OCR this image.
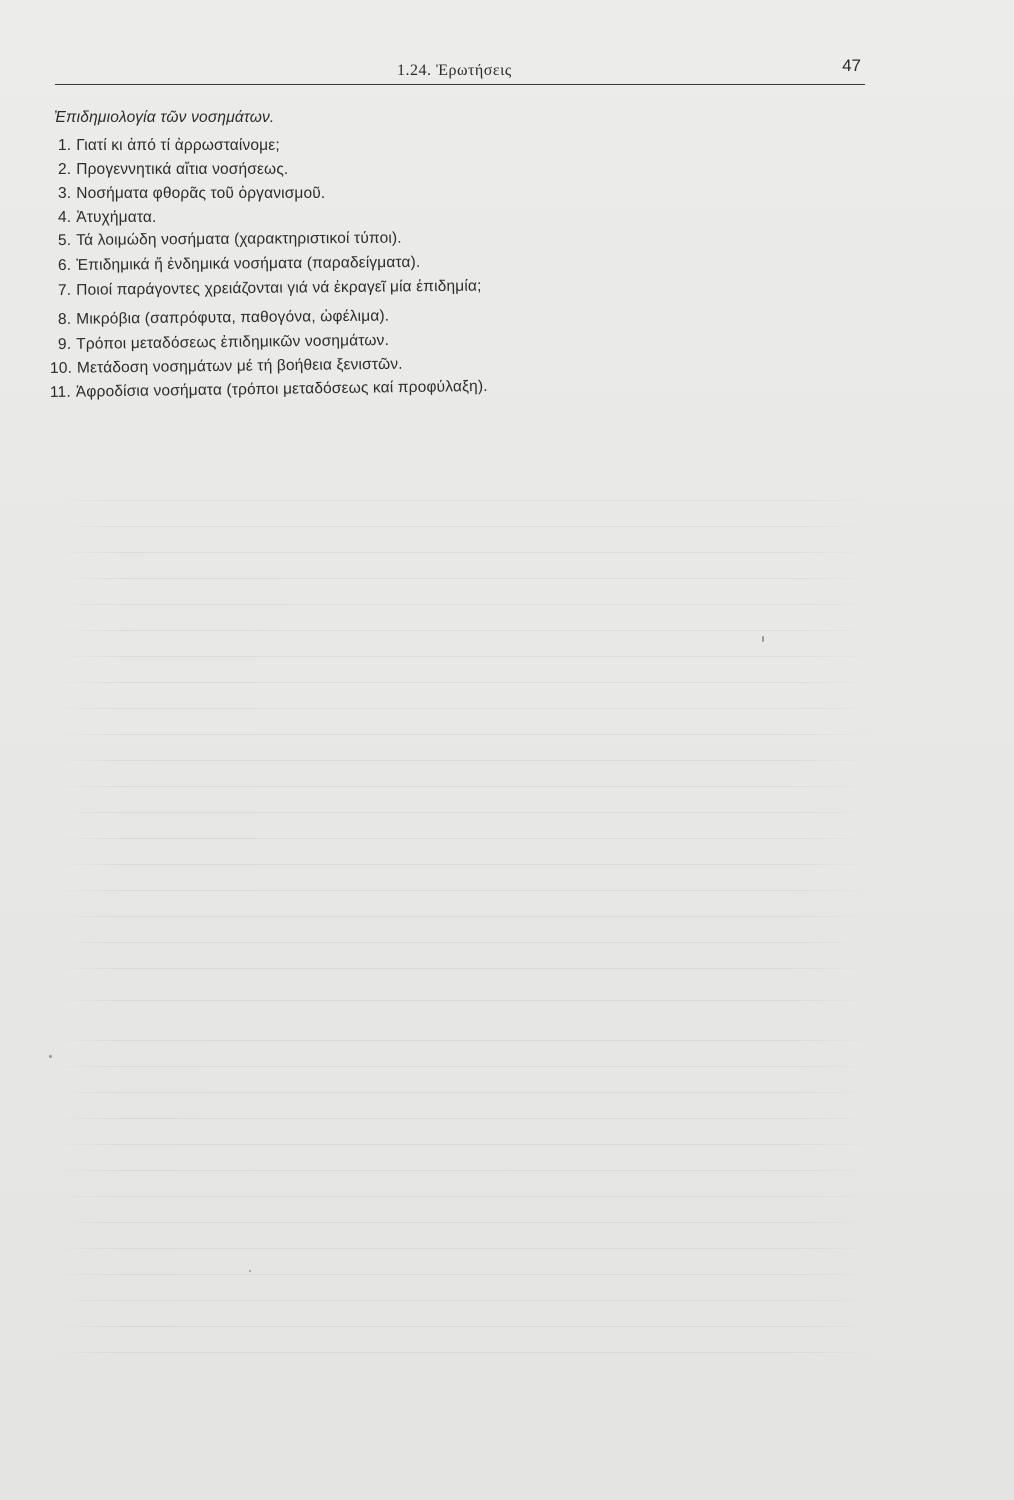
1.24. Ἐρωτήσεις	47
Ἐπιδημιολογία τῶν νοσημάτων.
1. Γιατί κι ἀπό τί ἀρρωσταίνομε;
2. Προγεννητικά αἴτια νοσήσεως.
3. Νοσήματα φθορᾶς τοῦ ὀργανισμοῦ.
4. Ἀτυχήματα.
5. Τά λοιμώδη νοσήματα (χαρακτηριστικοί τύποι).
6. Ἐπιδημικά ἤ ἐνδημικά νοσήματα (παραδείγματα).
7. Ποιοί παράγοντες χρειάζονται γιά νά ἐκραγεῖ μία ἐπιδημία;
8. Μικρόβια (σαπρόφυτα, παθογόνα, ὠφέλιμα).
9. Τρόποι μεταδόσεως ἐπιδημικῶν νοσημάτων.
10. Μετάδοση νοσημάτων μέ τή βοήθεια ξενιστῶν.
11. Ἀφροδίσια νοσήματα (τρόποι μεταδόσεως καί προφύλαξη).
